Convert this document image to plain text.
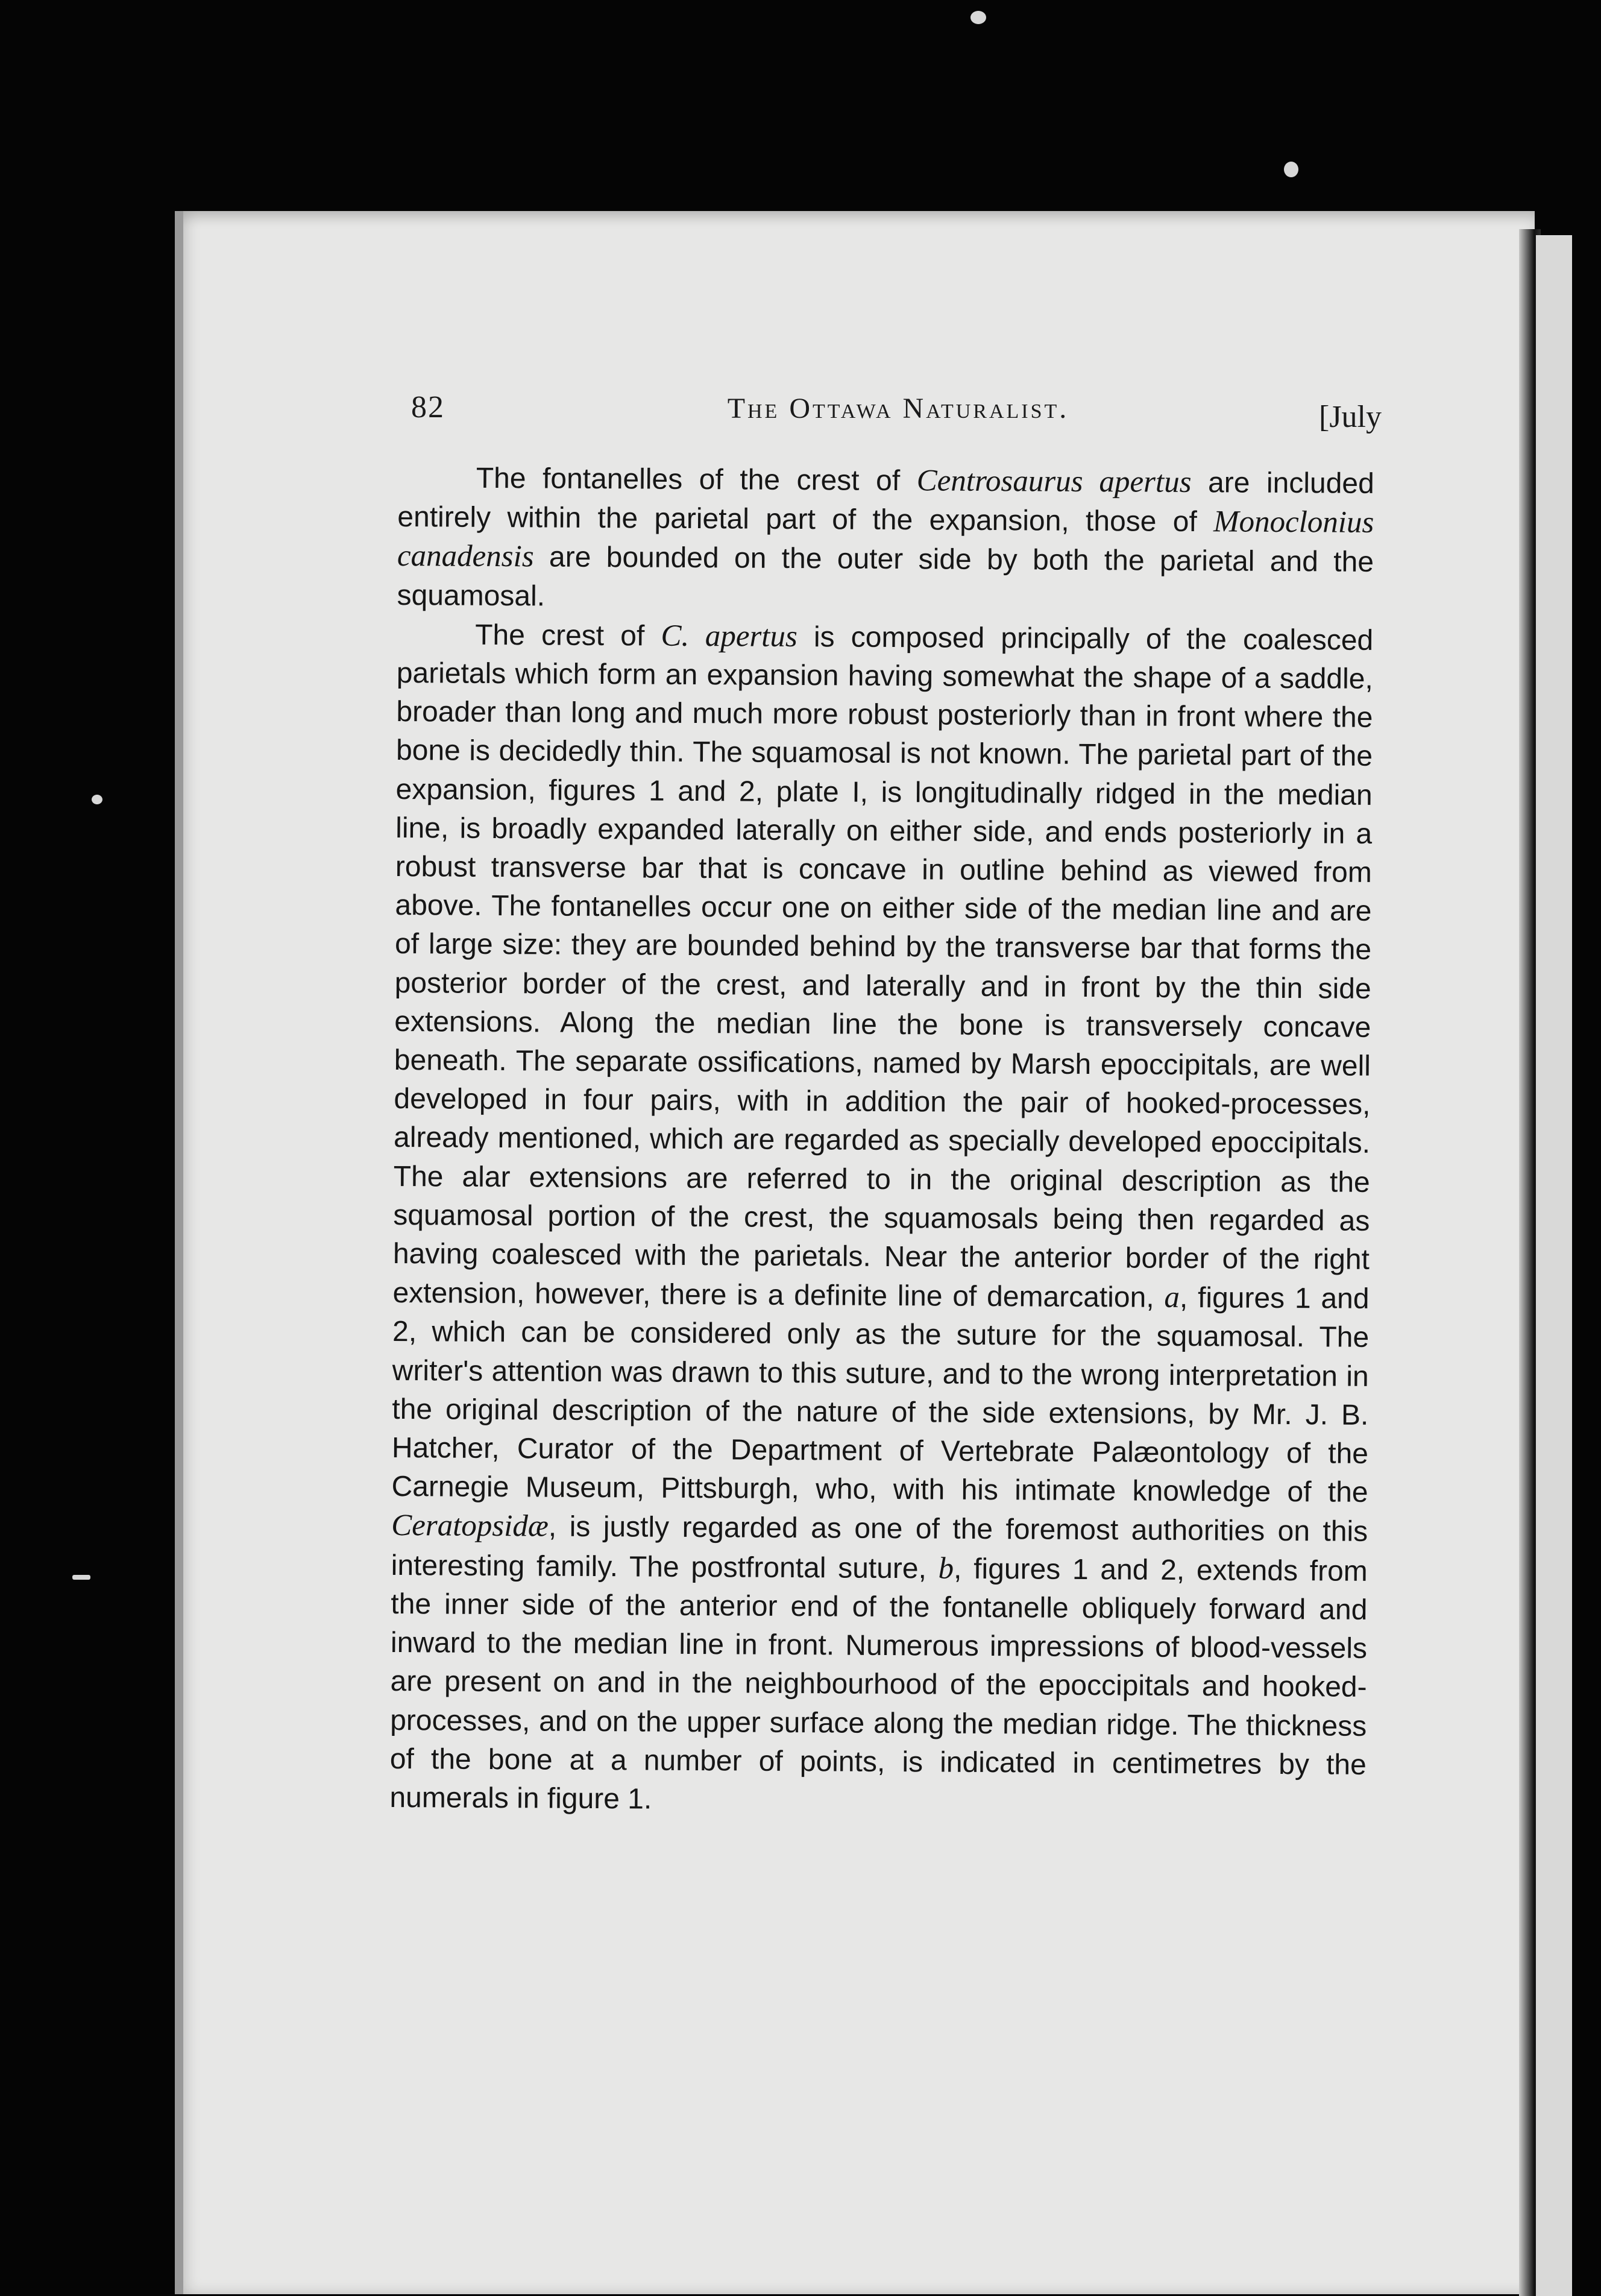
82	The Ottawa Naturalist.	[July

The fontanelles of the crest of Centrosaurus apertus are included entirely within the parietal part of the expansion, those of Monoclonius canadensis are bounded on the outer side by both the parietal and the squamosal.

The crest of C. apertus is composed principally of the coalesced parietals which form an expansion having somewhat the shape of a saddle, broader than long and much more robust posteriorly than in front where the bone is decidedly thin. The squamosal is not known. The parietal part of the expansion, figures 1 and 2, plate I, is longitudinally ridged in the median line, is broadly expanded laterally on either side, and ends posteriorly in a robust transverse bar that is concave in outline behind as viewed from above. The fontanelles occur one on either side of the median line and are of large size: they are bounded behind by the transverse bar that forms the posterior border of the crest, and laterally and in front by the thin side extensions. Along the median line the bone is transversely concave beneath. The separate ossifications, named by Marsh epoccipitals, are well developed in four pairs, with in addition the pair of hooked-processes, already mentioned, which are regarded as specially developed epoccipitals. The alar extensions are referred to in the original description as the squamosal portion of the crest, the squamosals being then regarded as having coalesced with the parietals. Near the anterior border of the right extension, however, there is a definite line of demarcation, a, figures 1 and 2, which can be considered only as the suture for the squamosal. The writer's attention was drawn to this suture, and to the wrong interpretation in the original description of the nature of the side extensions, by Mr. J. B. Hatcher, Curator of the Department of Vertebrate Palæontology of the Carnegie Museum, Pittsburgh, who, with his intimate knowledge of the Ceratopsidæ, is justly regarded as one of the foremost authorities on this interesting family. The postfrontal suture, b, figures 1 and 2, extends from the inner side of the anterior end of the fontanelle obliquely forward and inward to the median line in front. Numerous impressions of blood-vessels are present on and in the neighbourhood of the epoccipitals and hooked-processes, and on the upper surface along the median ridge. The thickness of the bone at a number of points, is indicated in centimetres by the numerals in figure 1.
